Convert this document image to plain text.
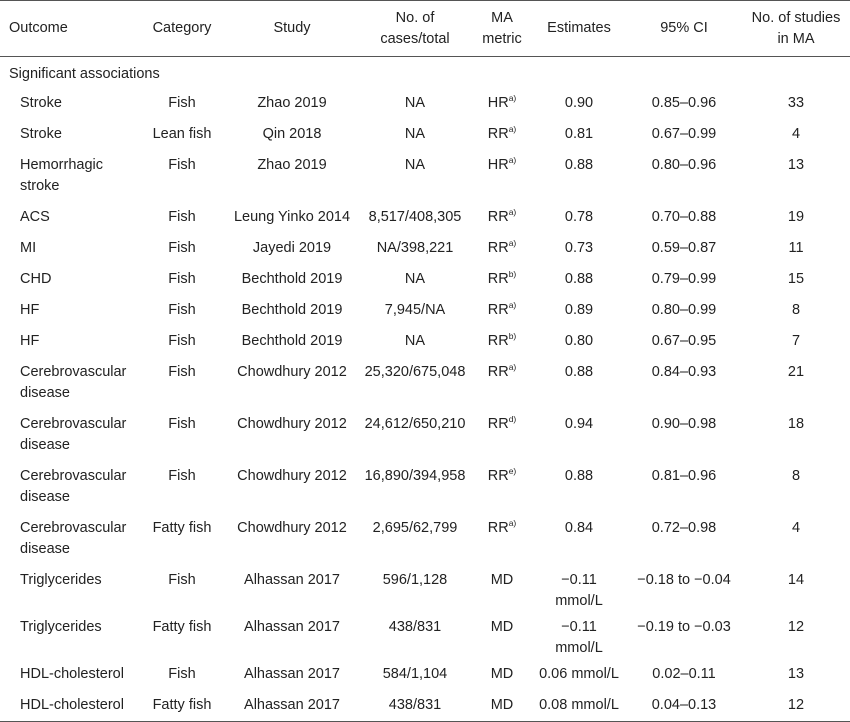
Outcome	Category	Study	No. of cases/total	MA metric	Estimates	95% CI	No. of studies in MA
Significant associations							
Stroke	Fish	Zhao 2019	NA	HR$^{a)}$	0.90	0.85–0.96	33
Stroke	Lean fish	Qin 2018	NA	RR$^{a)}$	0.81	0.67–0.99	4
Hemorrhagic stroke	Fish	Zhao 2019	NA	HR$^{a)}$	0.88	0.80–0.96	13
ACS	Fish	Leung Yinko 2014	8,517/408,305	RR$^{a)}$	0.78	0.70–0.88	19
MI	Fish	Jayedi 2019	NA/398,221	RR$^{a)}$	0.73	0.59–0.87	11
CHD	Fish	Bechthold 2019	NA	RR$^{b)}$	0.88	0.79–0.99	15
HF	Fish	Bechthold 2019	7,945/NA	RR$^{a)}$	0.89	0.80–0.99	8
HF	Fish	Bechthold 2019	NA	RR$^{b)}$	0.80	0.67–0.95	7
Cerebrovascular disease	Fish	Chowdhury 2012	25,320/675,048	RR$^{a)}$	0.88	0.84–0.93	21
Cerebrovascular disease	Fish	Chowdhury 2012	24,612/650,210	RR$^{d)}$	0.94	0.90–0.98	18
Cerebrovascular disease	Fish	Chowdhury 2012	16,890/394,958	RR$^{e)}$	0.88	0.81–0.96	8
Cerebrovascular disease	Fatty fish	Chowdhury 2012	2,695/62,799	RR$^{a)}$	0.84	0.72–0.98	4
Triglycerides	Fish	Alhassan 2017	596/1,128	MD	−0.11 mmol/L	−0.18 to −0.04	14
Triglycerides	Fatty fish	Alhassan 2017	438/831	MD	−0.11 mmol/L	−0.19 to −0.03	12
HDL-cholesterol	Fish	Alhassan 2017	584/1,104	MD	0.06 mmol/L	0.02–0.11	13
HDL-cholesterol	Fatty fish	Alhassan 2017	438/831	MD	0.08 mmol/L	0.04–0.13	12
